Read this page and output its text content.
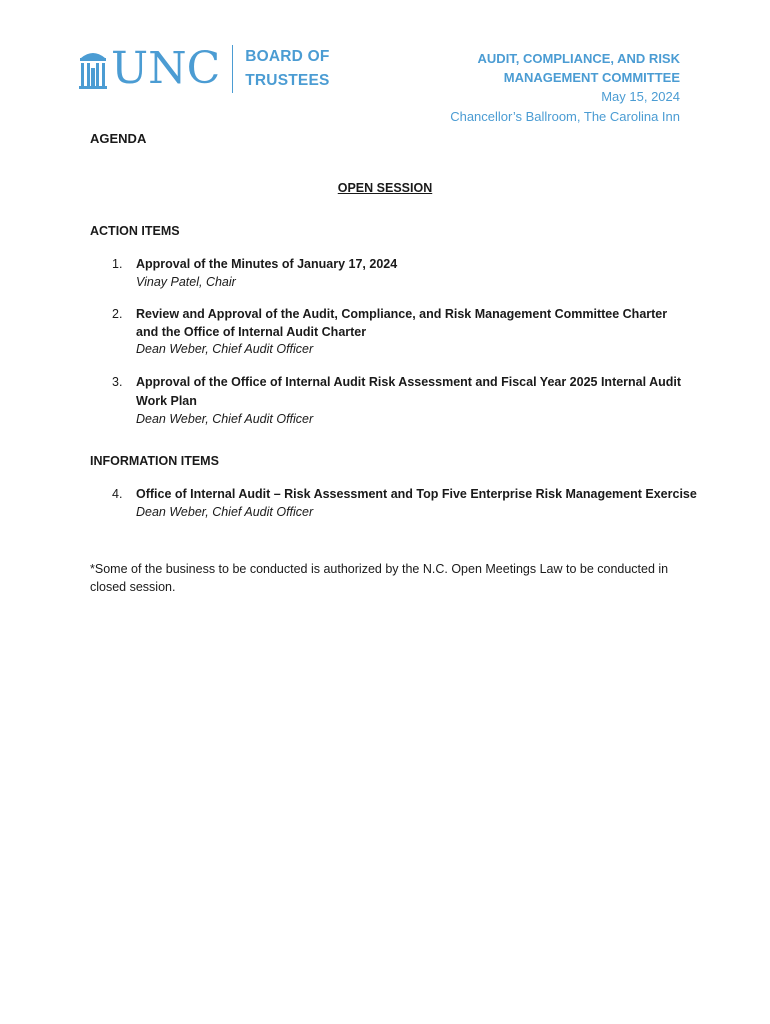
UNC BOARD OF
TRUSTEES
AUDIT, COMPLIANCE, AND RISK
MANAGEMENT COMMITTEE
May 15, 2024
Chancellor’s Ballroom, The Carolina Inn
AGENDA
OPEN SESSION
ACTION ITEMS
1.	Approval of the Minutes of January 17, 2024
Vinay Patel, Chair
2.	Review and Approval of the Audit, Compliance, and Risk Management Committee Charter
and the Office of Internal Audit Charter
Dean Weber, Chief Audit Officer
3.	Approval of the Office of Internal Audit Risk Assessment and Fiscal Year 2025 Internal Audit
Work Plan
Dean Weber, Chief Audit Officer
INFORMATION ITEMS
4.	Office of Internal Audit – Risk Assessment and Top Five Enterprise Risk Management Exercise
Dean Weber, Chief Audit Officer
*Some of the business to be conducted is authorized by the N.C. Open Meetings Law to be conducted in closed session.
